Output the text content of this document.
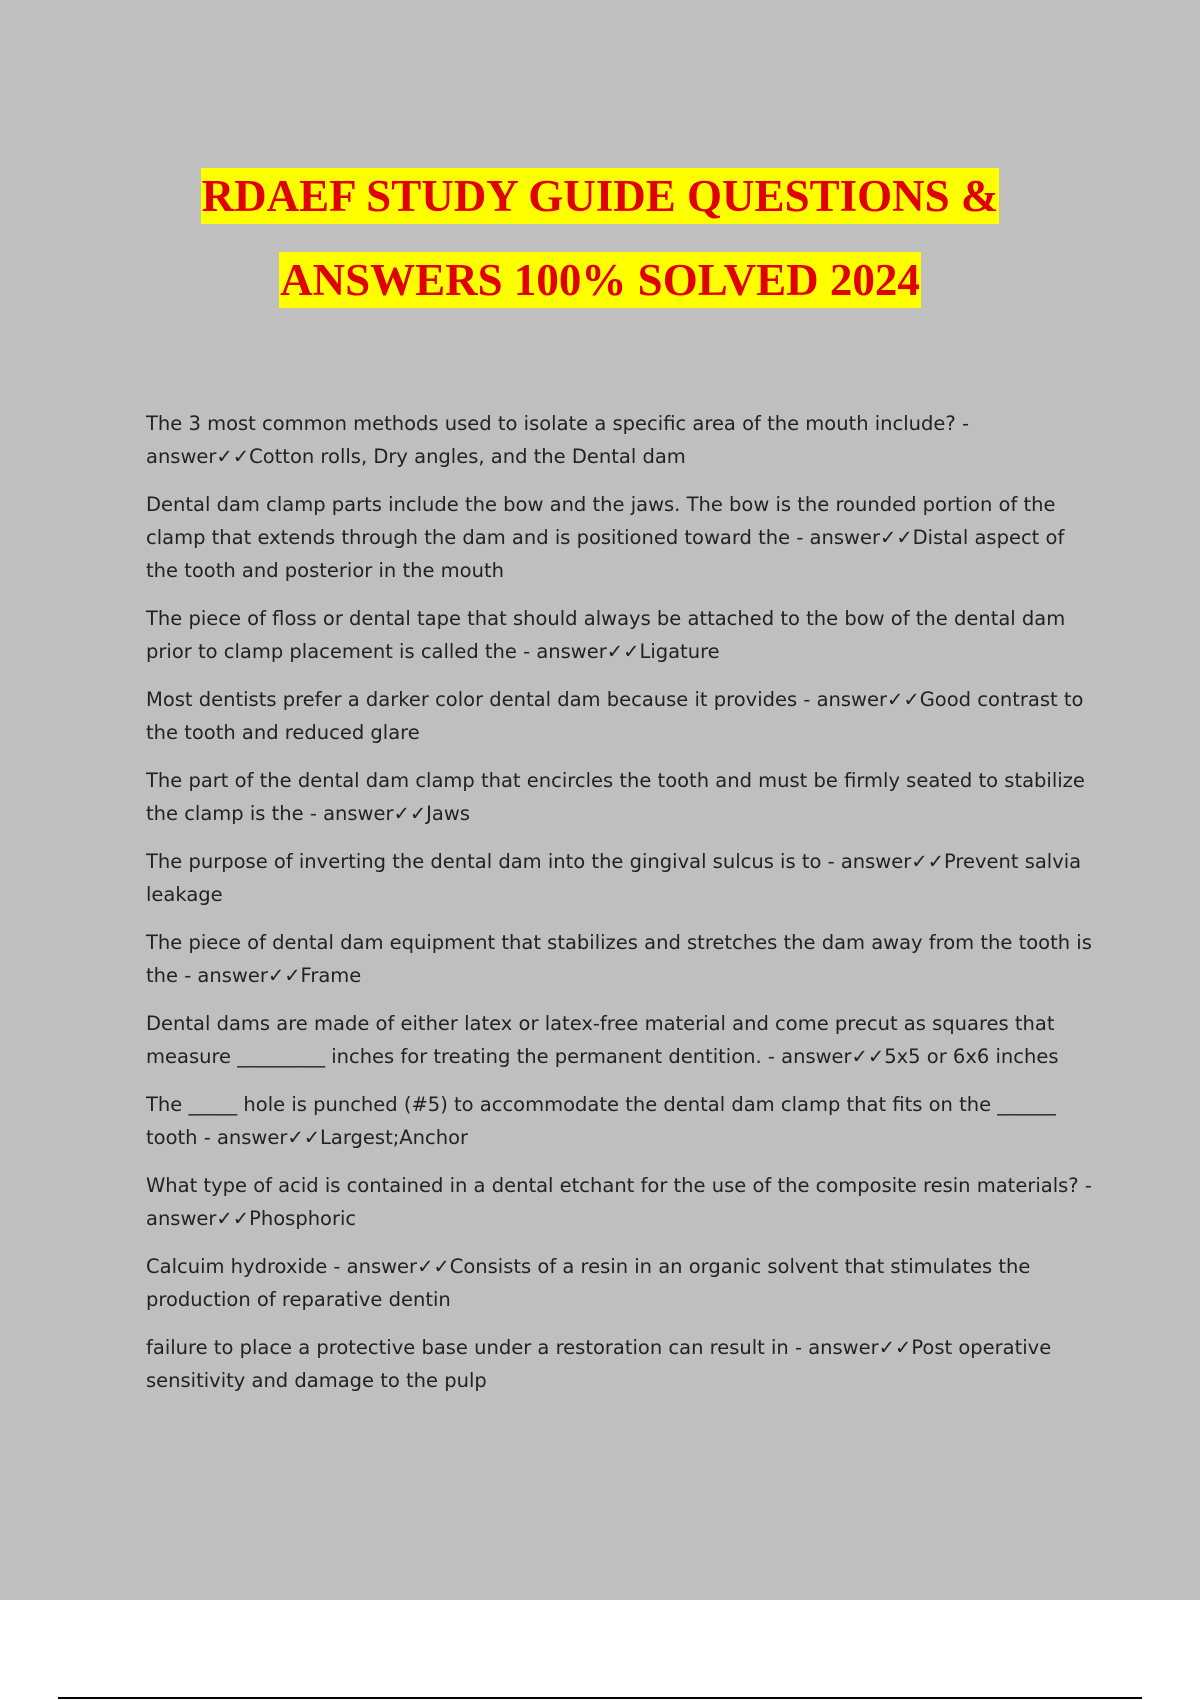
RDAEF STUDY GUIDE QUESTIONS &
ANSWERS 100% SOLVED 2024

The 3 most common methods used to isolate a specific area of the mouth include? - answer✓✓Cotton rolls, Dry angles, and the Dental dam

Dental dam clamp parts include the bow and the jaws. The bow is the rounded portion of the clamp that extends through the dam and is positioned toward the - answer✓✓Distal aspect of the tooth and posterior in the mouth

The piece of floss or dental tape that should always be attached to the bow of the dental dam prior to clamp placement is called the - answer✓✓Ligature

Most dentists prefer a darker color dental dam because it provides - answer✓✓Good contrast to the tooth and reduced glare

The part of the dental dam clamp that encircles the tooth and must be firmly seated to stabilize the clamp is the - answer✓✓Jaws

The purpose of inverting the dental dam into the gingival sulcus is to - answer✓✓Prevent salvia leakage

The piece of dental dam equipment that stabilizes and stretches the dam away from the tooth is the - answer✓✓Frame

Dental dams are made of either latex or latex-free material and come precut as squares that measure _________ inches for treating the permanent dentition. - answer✓✓5x5 or 6x6 inches

The _____ hole is punched (#5) to accommodate the dental dam clamp that fits on the ______ tooth - answer✓✓Largest;Anchor

What type of acid is contained in a dental etchant for the use of the composite resin materials? - answer✓✓Phosphoric

Calcuim hydroxide - answer✓✓Consists of a resin in an organic solvent that stimulates the production of reparative dentin

failure to place a protective base under a restoration can result in - answer✓✓Post operative sensitivity and damage to the pulp
